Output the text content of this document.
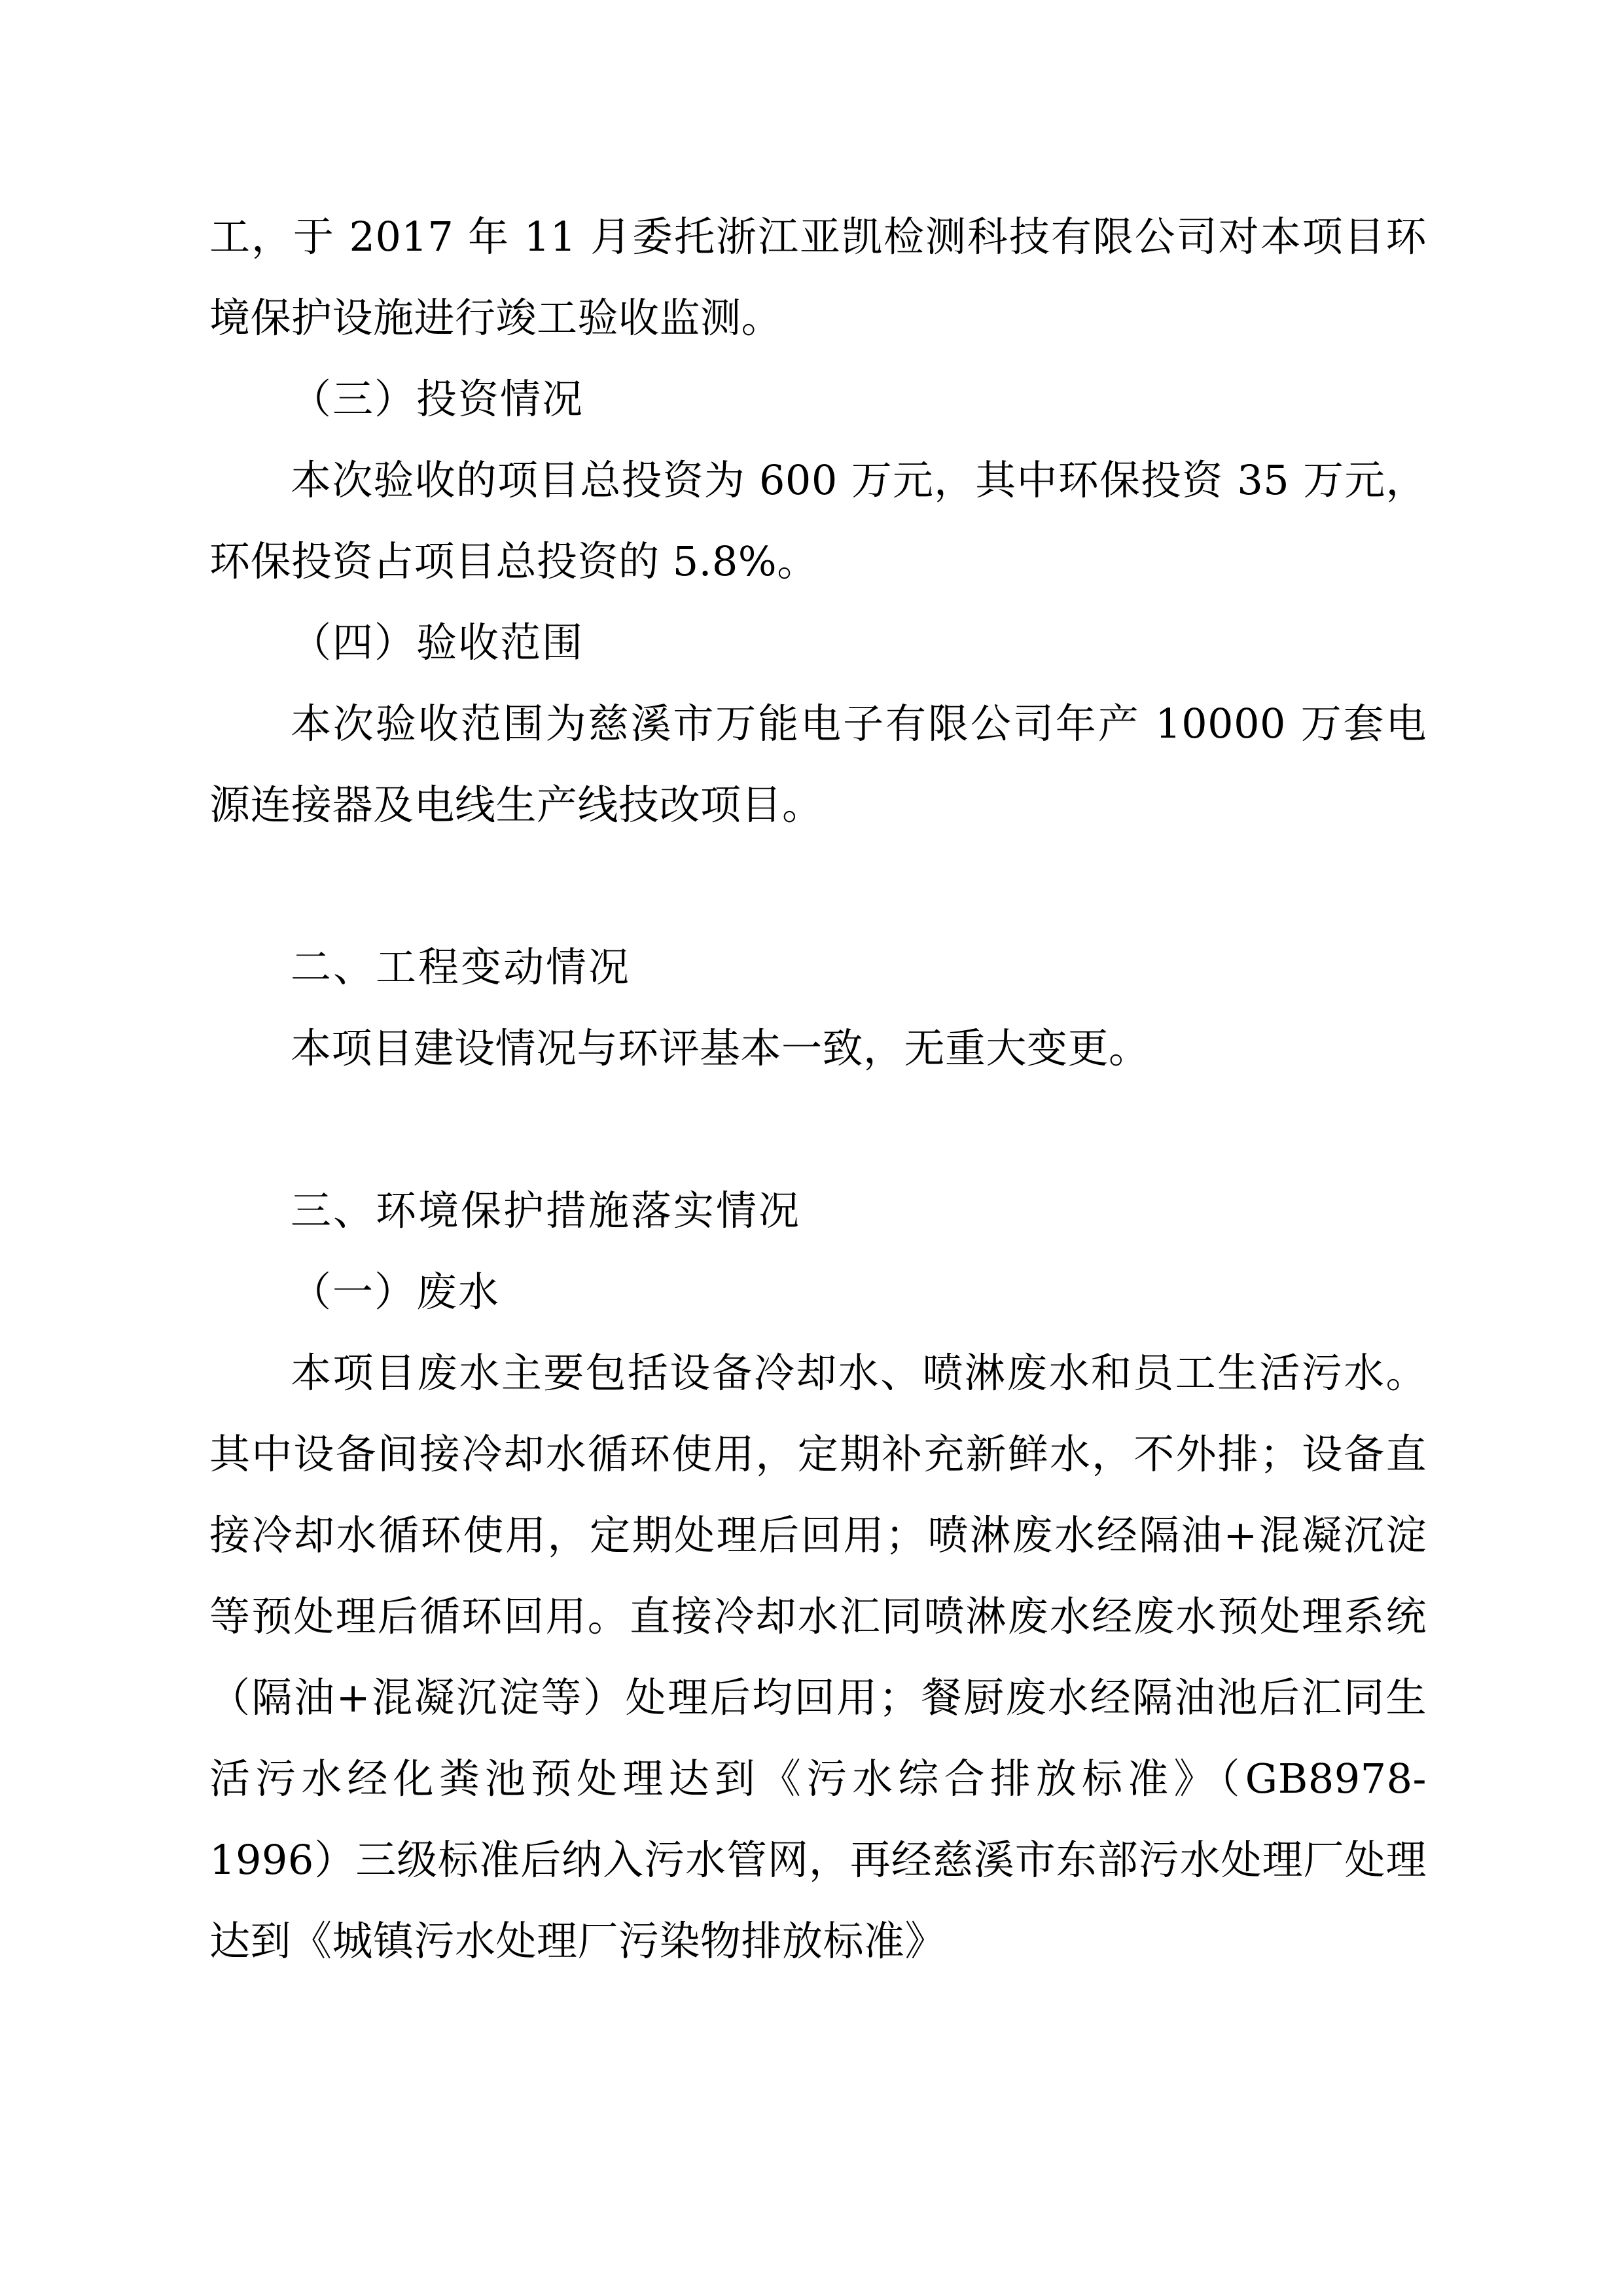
工，于 2017 年 11 月委托浙江亚凯检测科技有限公司对本项目环境保护设施进行竣工验收监测。

（三）投资情况

本次验收的项目总投资为 600 万元，其中环保投资 35 万元，环保投资占项目总投资的 5.8%。

（四）验收范围

本次验收范围为慈溪市万能电子有限公司年产 10000 万套电源连接器及电线生产线技改项目。

二、工程变动情况

本项目建设情况与环评基本一致，无重大变更。

三、环境保护措施落实情况

（一）废水

本项目废水主要包括设备冷却水、喷淋废水和员工生活污水。其中设备间接冷却水循环使用，定期补充新鲜水，不外排；设备直接冷却水循环使用，定期处理后回用；喷淋废水经隔油+混凝沉淀等预处理后循环回用。直接冷却水汇同喷淋废水经废水预处理系统（隔油+混凝沉淀等）处理后均回用；餐厨废水经隔油池后汇同生活污水经化粪池预处理达到《污水综合排放标准》（GB8978-1996）三级标准后纳入污水管网，再经慈溪市东部污水处理厂处理达到《城镇污水处理厂污染物排放标准》
